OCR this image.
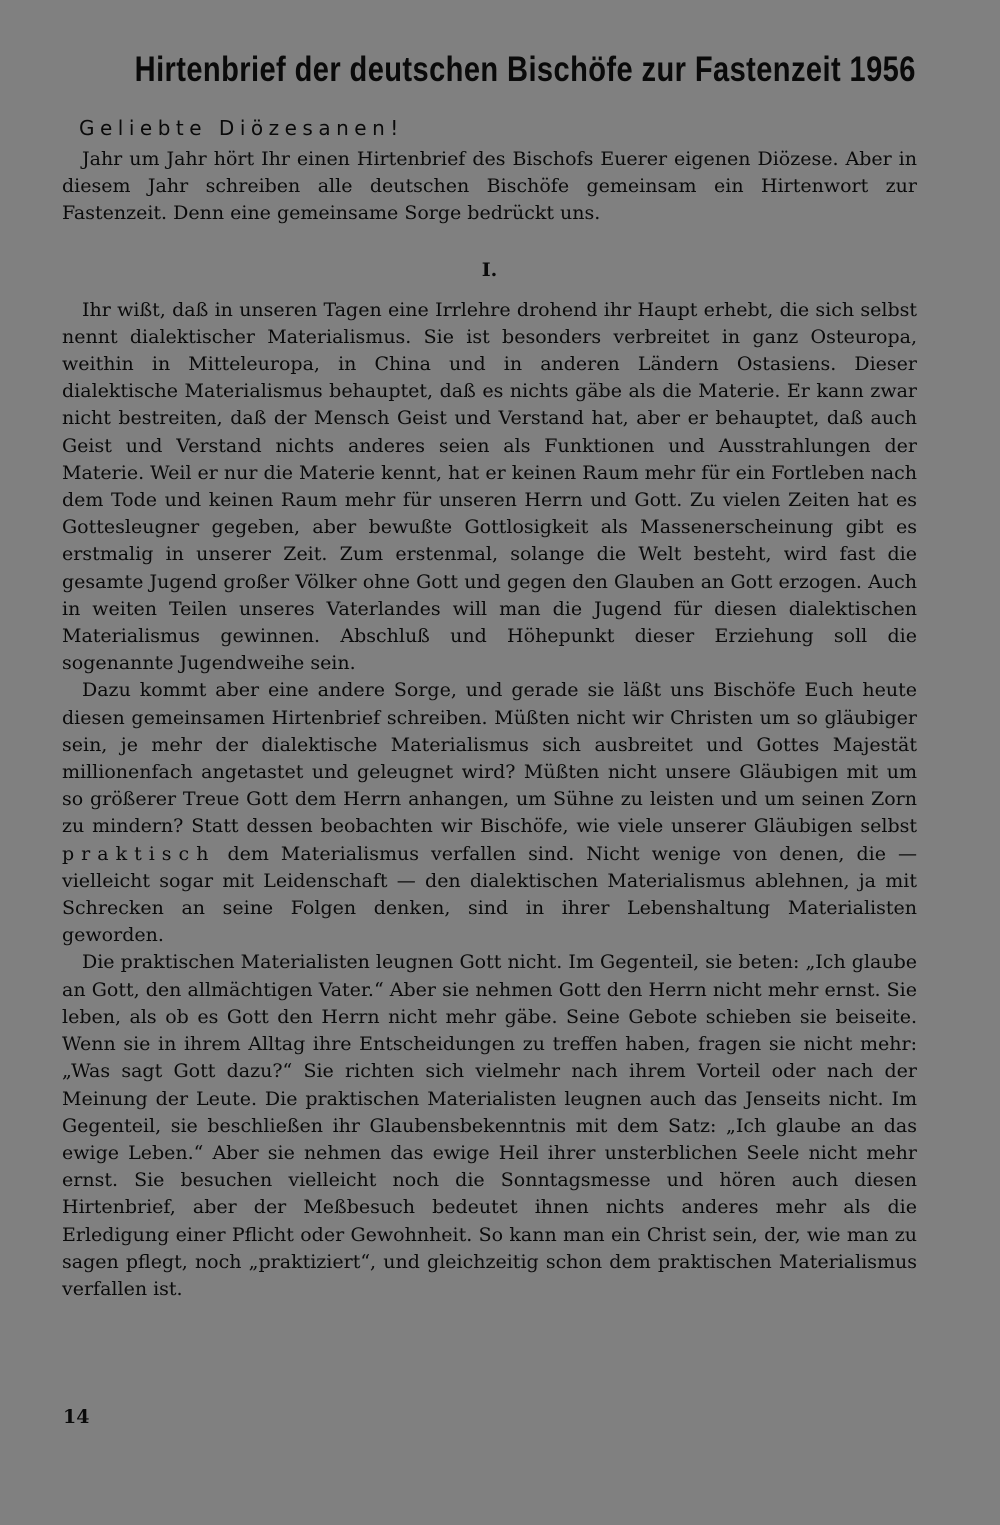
Hirtenbrief der deutschen Bischöfe zur Fastenzeit 1956
Geliebte Diözesanen!

Jahr um Jahr hört Ihr einen Hirtenbrief des Bischofs Euerer eigenen Diözese. Aber in diesem Jahr schreiben alle deutschen Bischöfe gemeinsam ein Hirtenwort zur Fastenzeit. Denn eine gemeinsame Sorge bedrückt uns.

I.

Ihr wißt, daß in unseren Tagen eine Irrlehre drohend ihr Haupt erhebt, die sich selbst nennt dialektischer Materialismus. Sie ist besonders verbreitet in ganz Osteuropa, weithin in Mitteleuropa, in China und in anderen Ländern Ostasiens. Dieser dialektische Materialismus behauptet, daß es nichts gäbe als die Materie. Er kann zwar nicht bestreiten, daß der Mensch Geist und Verstand hat, aber er behauptet, daß auch Geist und Verstand nichts anderes seien als Funktionen und Ausstrahlungen der Materie. Weil er nur die Materie kennt, hat er keinen Raum mehr für ein Fortleben nach dem Tode und keinen Raum mehr für unseren Herrn und Gott. Zu vielen Zeiten hat es Gottesleugner gegeben, aber bewußte Gottlosigkeit als Massenerscheinung gibt es erstmalig in unserer Zeit. Zum erstenmal, solange die Welt besteht, wird fast die gesamte Jugend großer Völker ohne Gott und gegen den Glauben an Gott erzogen. Auch in weiten Teilen unseres Vaterlandes will man die Jugend für diesen dialektischen Materialismus gewinnen. Abschluß und Höhepunkt dieser Erziehung soll die sogenannte Jugendweihe sein.

Dazu kommt aber eine andere Sorge, und gerade sie läßt uns Bischöfe Euch heute diesen gemeinsamen Hirtenbrief schreiben. Müßten nicht wir Christen um so gläubiger sein, je mehr der dialektische Materialismus sich ausbreitet und Gottes Majestät millionenfach angetastet und geleugnet wird? Müßten nicht unsere Gläubigen mit um so größerer Treue Gott dem Herrn anhangen, um Sühne zu leisten und um seinen Zorn zu mindern? Statt dessen beobachten wir Bischöfe, wie viele unserer Gläubigen selbst praktisch dem Materialismus verfallen sind. Nicht wenige von denen, die — vielleicht sogar mit Leidenschaft — den dialektischen Materialismus ablehnen, ja mit Schrecken an seine Folgen denken, sind in ihrer Lebenshaltung Materialisten geworden.

Die praktischen Materialisten leugnen Gott nicht. Im Gegenteil, sie beten: „Ich glaube an Gott, den allmächtigen Vater.“ Aber sie nehmen Gott den Herrn nicht mehr ernst. Sie leben, als ob es Gott den Herrn nicht mehr gäbe. Seine Gebote schieben sie beiseite. Wenn sie in ihrem Alltag ihre Entscheidungen zu treffen haben, fragen sie nicht mehr: „Was sagt Gott dazu?“ Sie richten sich vielmehr nach ihrem Vorteil oder nach der Meinung der Leute. Die praktischen Materialisten leugnen auch das Jenseits nicht. Im Gegenteil, sie beschließen ihr Glaubensbekenntnis mit dem Satz: „Ich glaube an das ewige Leben.“ Aber sie nehmen das ewige Heil ihrer unsterblichen Seele nicht mehr ernst. Sie besuchen vielleicht noch die Sonntagsmesse und hören auch diesen Hirtenbrief, aber der Meßbesuch bedeutet ihnen nichts anderes mehr als die Erledigung einer Pflicht oder Gewohnheit. So kann man ein Christ sein, der, wie man zu sagen pflegt, noch „praktiziert“, und gleichzeitig schon dem praktischen Materialismus verfallen ist.

14
